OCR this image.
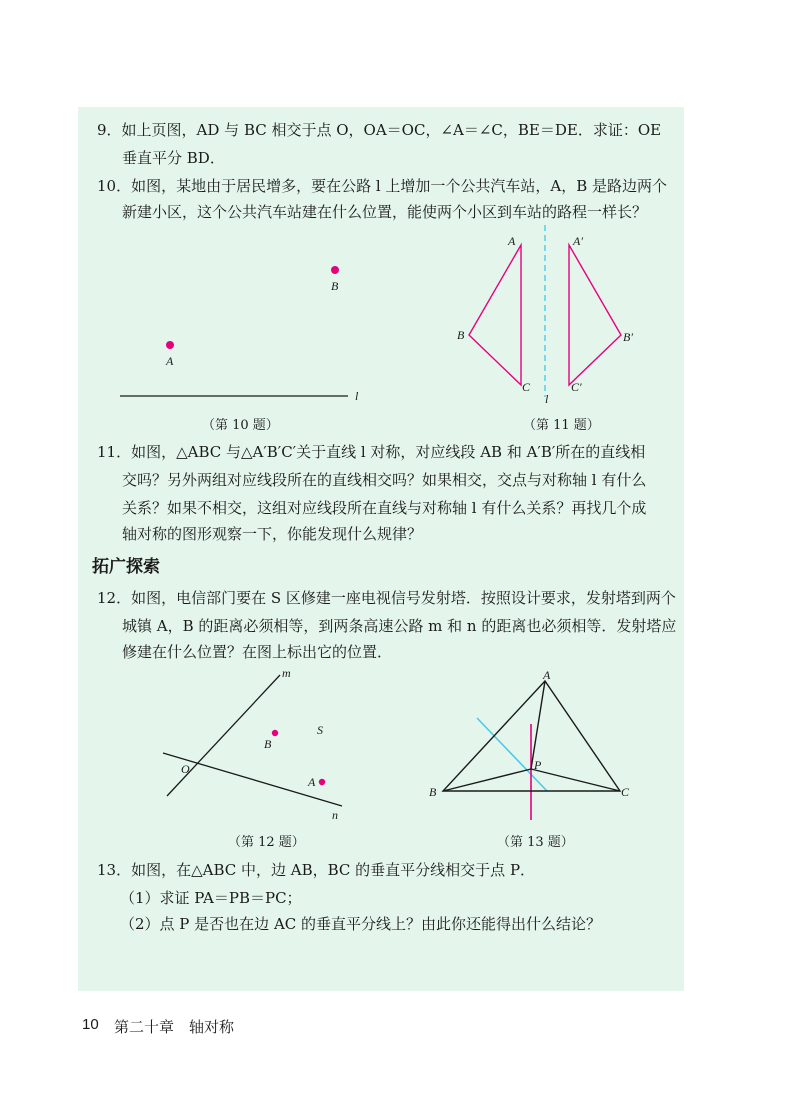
9．如上页图，AD 与 BC 相交于点 O，OA＝OC，∠A＝∠C，BE＝DE．求证：OE
垂直平分 BD．
10．如图，某地由于居民增多，要在公路 l 上增加一个公共汽车站，A，B 是路边两个
新建小区，这个公共汽车站建在什么位置，能使两个小区到车站的路程一样长？
B
A
l
（第 10 题）
A
B
C
A′
B′
C′
l
（第 11 题）
11．如图，△ABC 与△A′B′C′关于直线 l 对称，对应线段 AB 和 A′B′所在的直线相
交吗？另外两组对应线段所在的直线相交吗？如果相交，交点与对称轴 l 有什么
关系？如果不相交，这组对应线段所在直线与对称轴 l 有什么关系？再找几个成
轴对称的图形观察一下，你能发现什么规律？
拓广探索
12．如图，电信部门要在 S 区修建一座电视信号发射塔．按照设计要求，发射塔到两个
城镇 A，B 的距离必须相等，到两条高速公路 m 和 n 的距离也必须相等．发射塔应
修建在什么位置？在图上标出它的位置．
m
n
O
B
S
A
（第 12 题）
A
B	C
P
（第 13 题）
13．如图，在△ABC 中，边 AB，BC 的垂直平分线相交于点 P．
（1）求证 PA＝PB＝PC；
（2）点 P 是否也在边 AC 的垂直平分线上？由此你还能得出什么结论？
10 第二十章　轴对称
